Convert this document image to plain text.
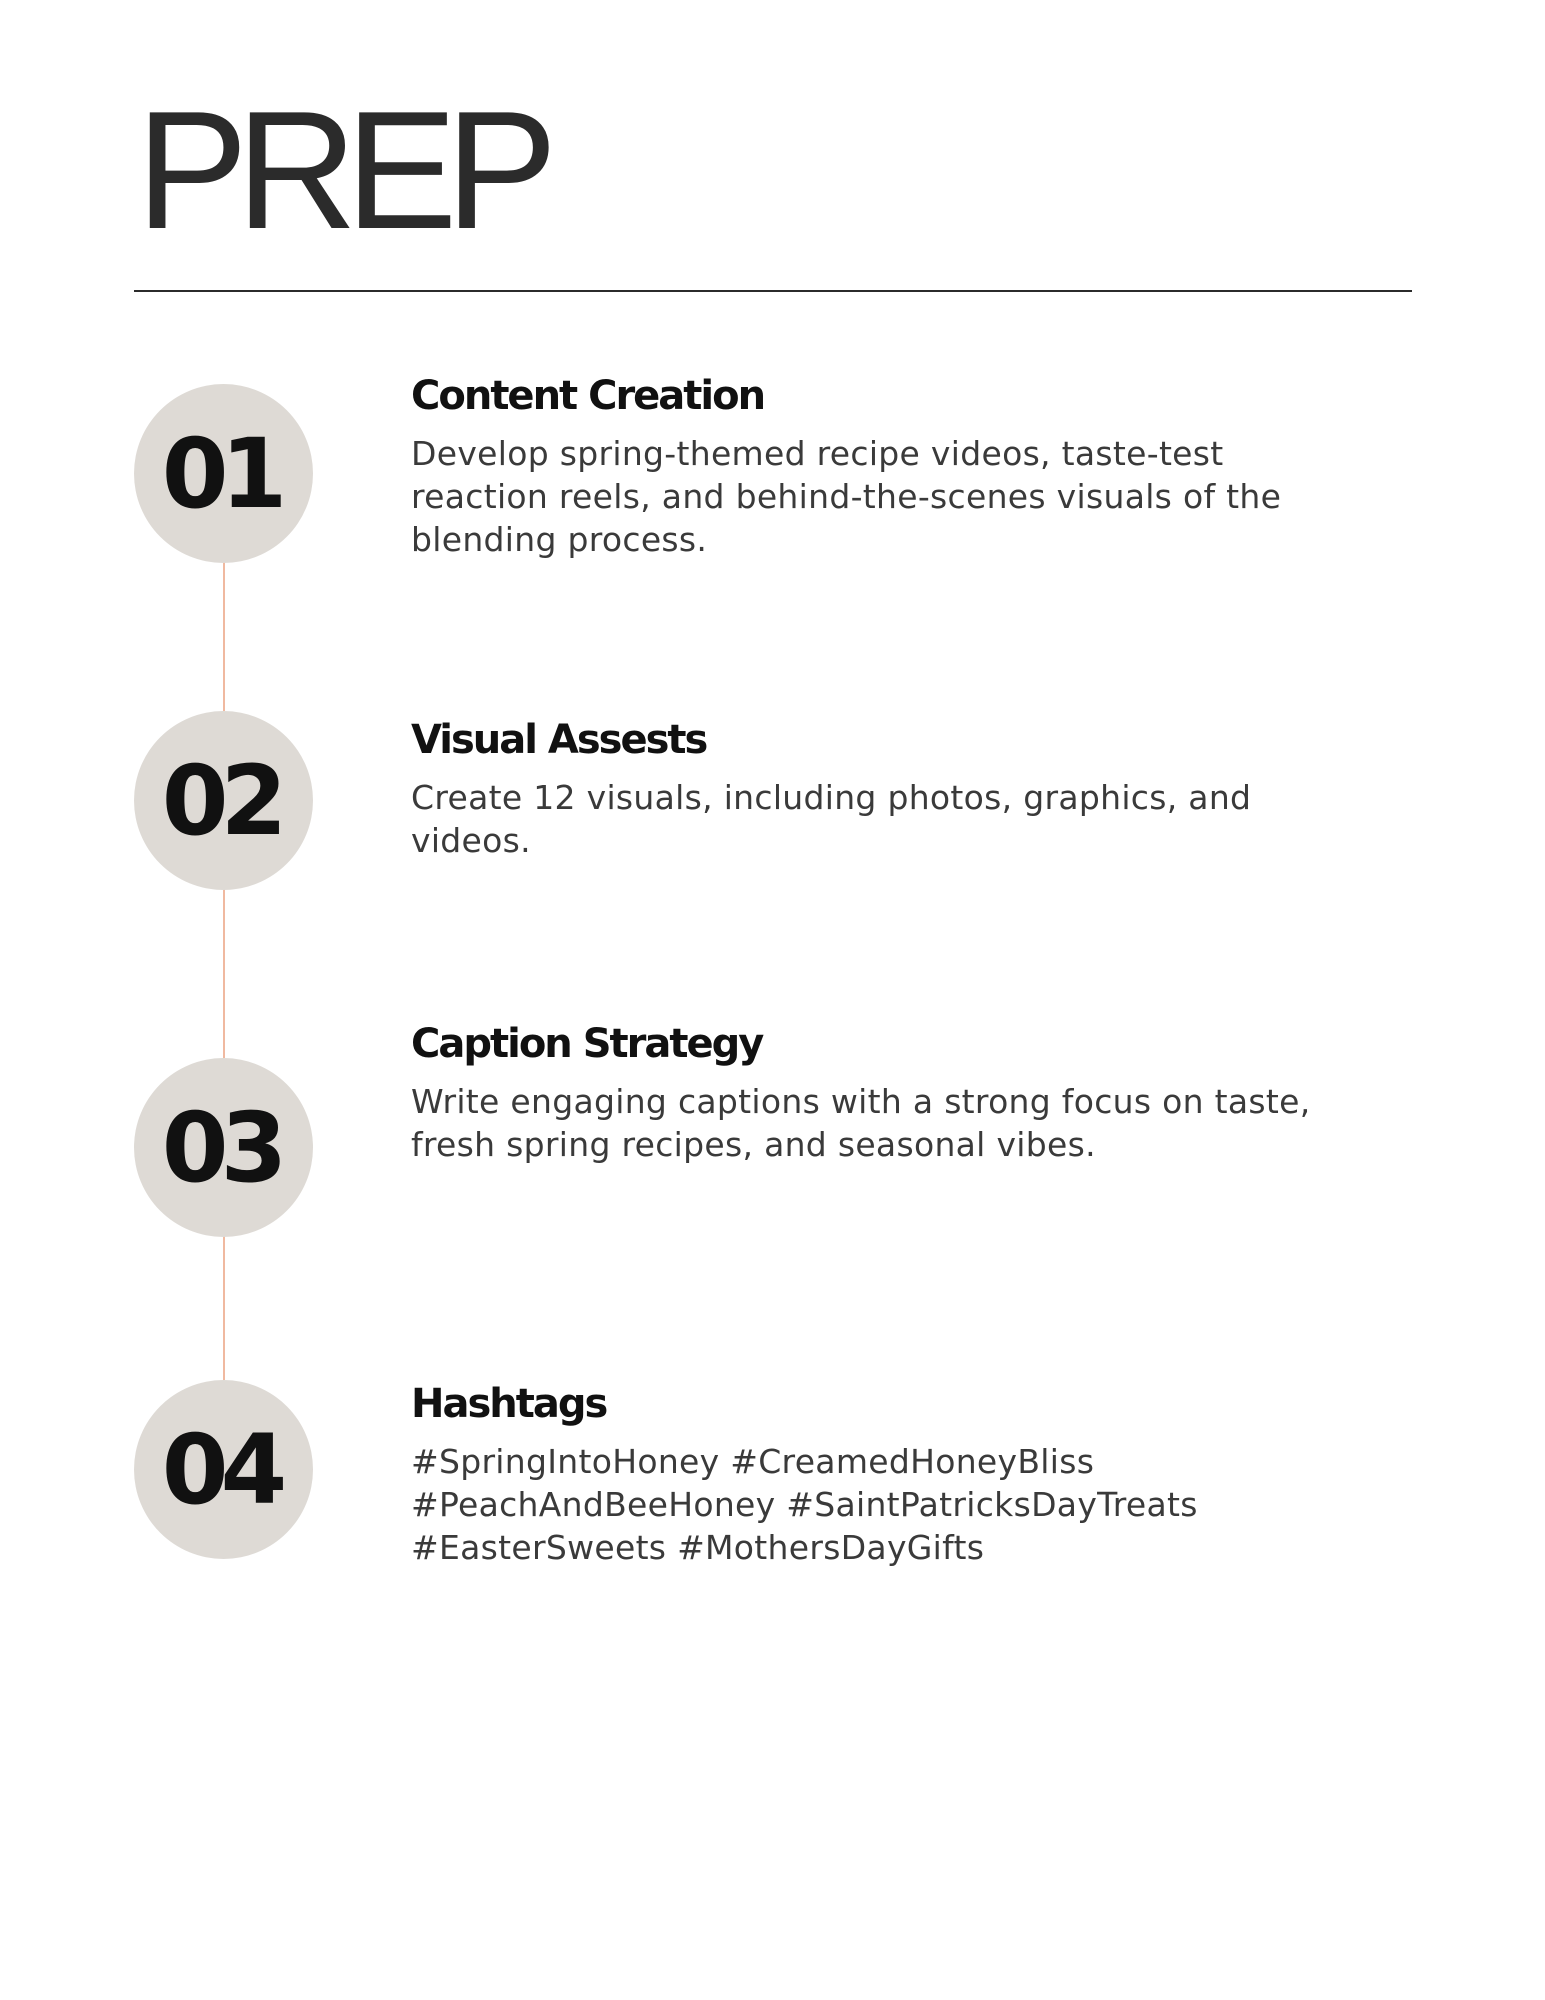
PREP
01
Content Creation

Develop spring-themed recipe videos, taste-test reaction reels, and behind-the-scenes visuals of the blending process.

02
Visual Assests

Create 12 visuals, including photos, graphics, and videos.

03
Caption Strategy

Write engaging captions with a strong focus on taste, fresh spring recipes, and seasonal vibes.

04
Hashtags

#SpringIntoHoney #CreamedHoneyBliss #PeachAndBeeHoney #SaintPatricksDayTreats #EasterSweets #MothersDayGifts
